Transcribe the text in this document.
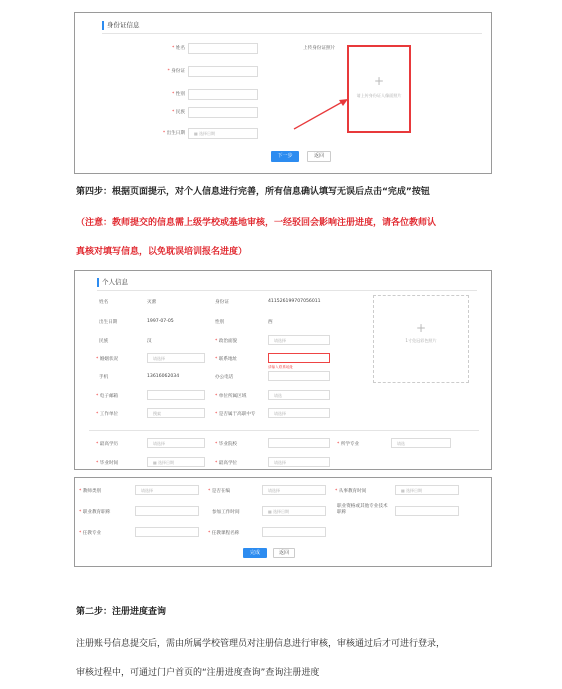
身份证信息
* 姓名
* 身份证
* 性别
* 民族
* 出生日期	▦ 选择日期
上传身份证照片
+
请上传身份证人像面照片
下一步	返回
第四步：根据页面提示，对个人信息进行完善，所有信息确认填写无误后点击“完成”按钮
（注意：教师提交的信息需上级学校或基地审核，一经驳回会影响注册进度，请各位教师认
真核对填写信息，以免耽误培训报名进度）
个人信息
姓名	灭蕾	身份证	411526199707056011
出生日期	1997-07-05	性别	西
民族	汉	* 政治面貌	请选择
* 婚姻状况	请选择	* 联系地址
请输入联系地址
手机	13616062034	办公电话
* 电子邮箱	* 单位所属区域	请选
* 工作单位	搜索	* 是否属于高职中专	请选择
+
1寸免冠彩色照片
* 最高学历	请选择	* 毕业院校	* 所学专业	请选
* 毕业时间	▦ 选择日期	* 最高学位	请选择
* 教师类别	请选择	* 是否在编	请选择	* 从事教育时间	▦ 选择日期
* 职业教育职称	参加工作时间	▦ 选择日期
职业资格或其他专业技术职称
* 任教专业	* 任教课程名称
完成	返回
第二步：注册进度查询
注册账号信息提交后，需由所属学校管理员对注册信息进行审核，审核通过后才可进行登录，
审核过程中，可通过门户首页的“注册进度查询”查询注册进度
